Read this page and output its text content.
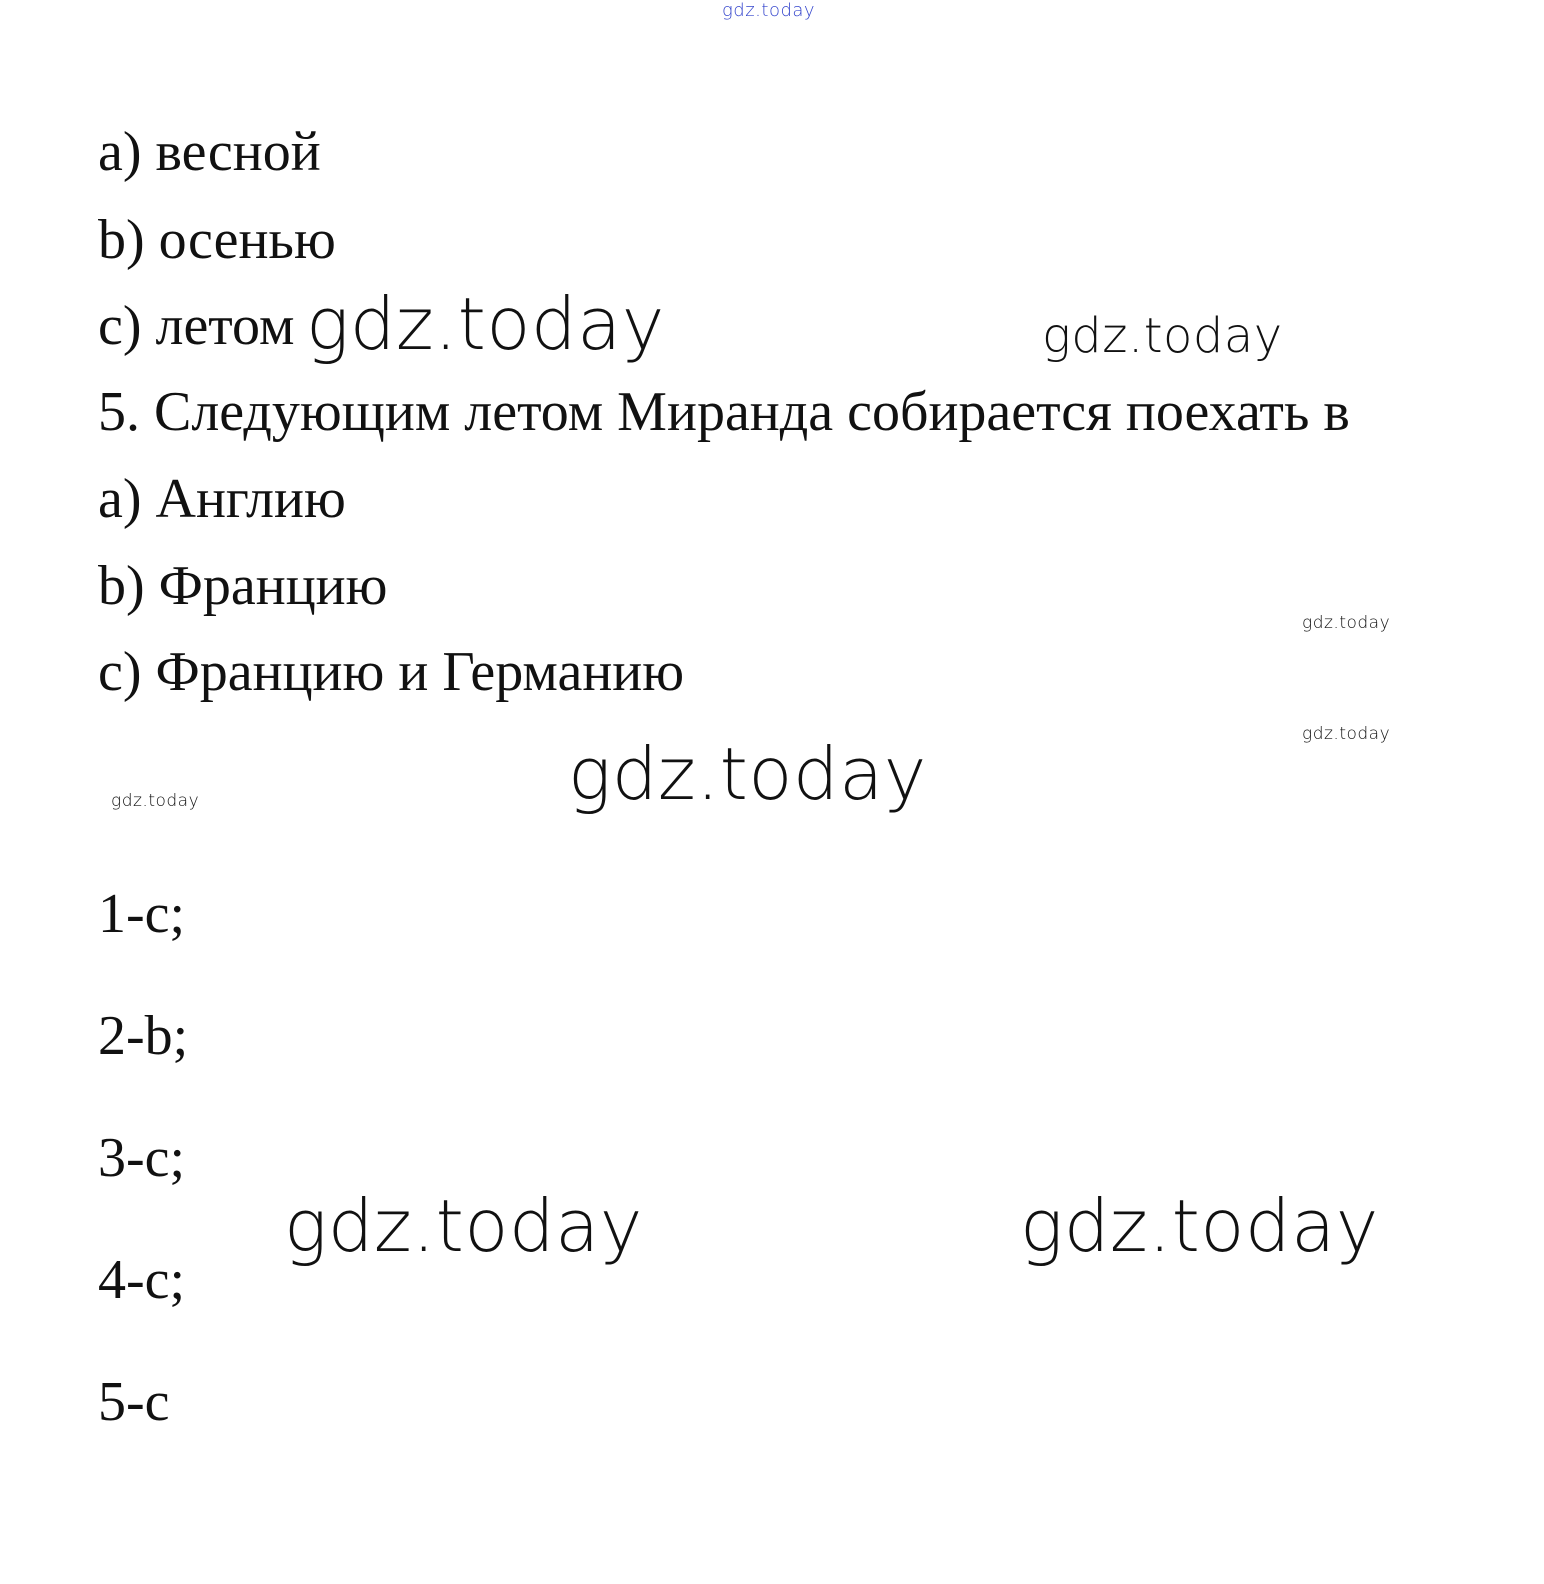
gdz.today

a) весной

b) осенью

c) летом gdz.today	gdz.today

5. Следующим летом Миранда собирается поехать в

a) Англию

b) Францию

c) Францию и Германию

gdz.today

gdz.today

gdz.today

gdz.today

1-c;

2-b;

3-c;

gdz.today	gdz.today

4-c;

5-c
